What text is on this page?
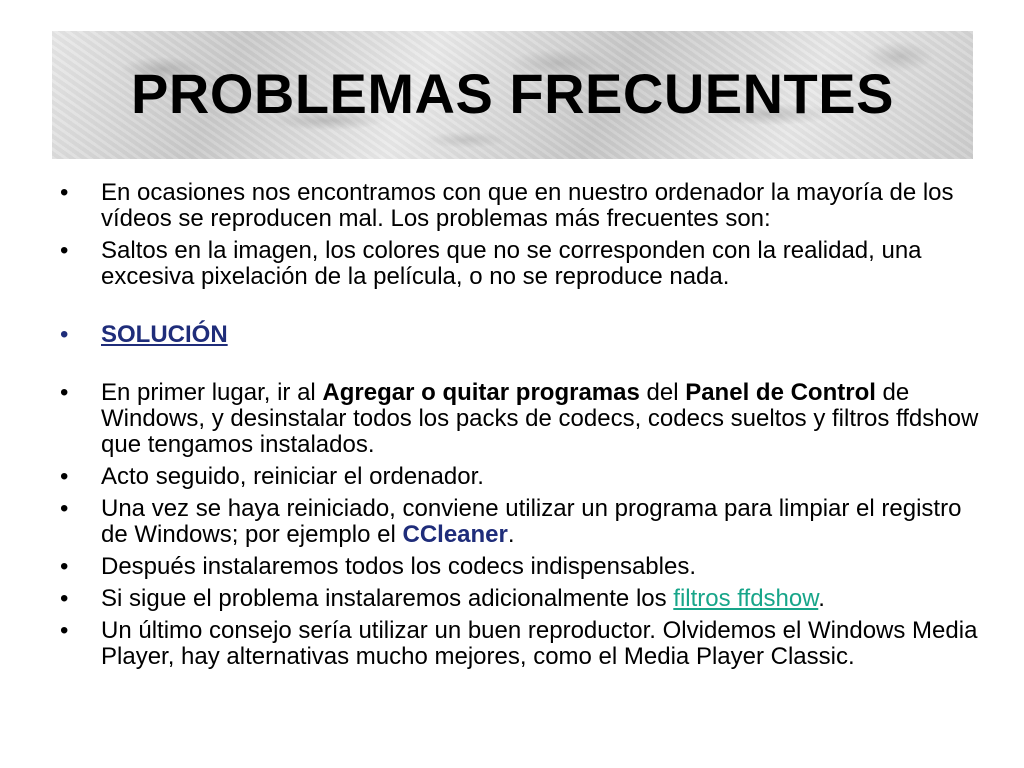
PROBLEMAS FRECUENTES
•	En ocasiones nos encontramos con que en nuestro ordenador la mayoría de los vídeos se reproducen mal. Los problemas más frecuentes son:
•	Saltos en la imagen, los colores que no se corresponden con la realidad, una excesiva pixelación de la película, o no se reproduce nada.
•	SOLUCIÓN
•	En primer lugar, ir al Agregar o quitar programas del Panel de Control de Windows, y desinstalar todos los packs de codecs, codecs sueltos y filtros ffdshow que tengamos instalados.
•	Acto seguido, reiniciar el ordenador.
•	Una vez se haya reiniciado, conviene utilizar un programa para limpiar el registro de Windows; por ejemplo el CCleaner.
•	Después instalaremos todos los codecs indispensables.
•	Si sigue el problema instalaremos adicionalmente los filtros ffdshow.
•	Un último consejo sería utilizar un buen reproductor. Olvidemos el Windows Media Player, hay alternativas mucho mejores, como el Media Player Classic.
